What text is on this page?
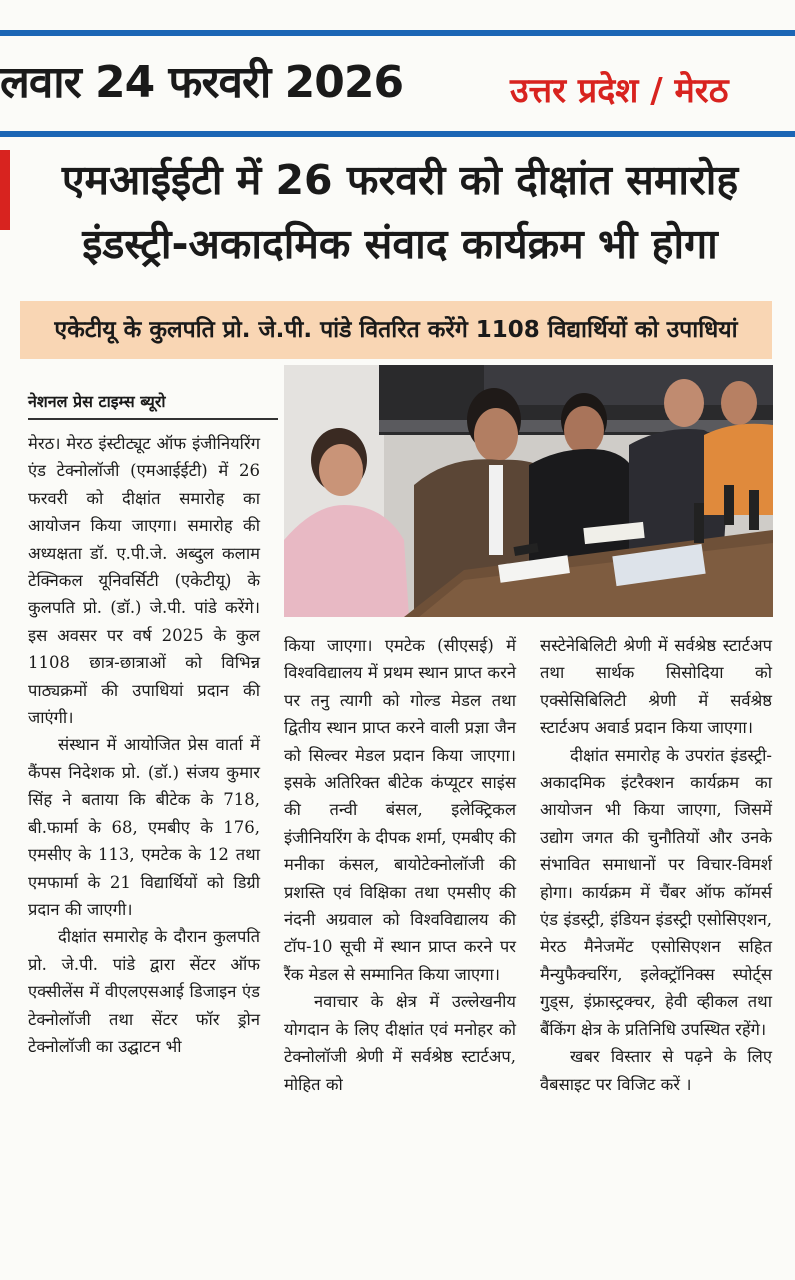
लवार 24 फरवरी 2026	उत्तर प्रदेश / मेरठ
एमआईईटी में 26 फरवरी को दीक्षांत समारोह
इंडस्ट्री-अकादमिक संवाद कार्यक्रम भी होगा
एकेटीयू के कुलपति प्रो. जे.पी. पांडे वितरित करेंगे 1108 विद्यार्थियों को उपाधियां
नेशनल प्रेस टाइम्स ब्यूरो

मेरठ। मेरठ इंस्टीट्यूट ऑफ इंजीनियरिंग एंड टेक्नोलॉजी (एमआईईटी) में 26 फरवरी को दीक्षांत समारोह का आयोजन किया जाएगा। समारोह की अध्यक्षता डॉ. ए.पी.जे. अब्दुल कलाम टेक्निकल यूनिवर्सिटी (एकेटीयू) के कुलपति प्रो. (डॉ.) जे.पी. पांडे करेंगे। इस अवसर पर वर्ष 2025 के कुल 1108 छात्र-छात्राओं को विभिन्न पाठ्यक्रमों की उपाधियां प्रदान की जाएंगी।

संस्थान में आयोजित प्रेस वार्ता में कैंपस निदेशक प्रो. (डॉ.) संजय कुमार सिंह ने बताया कि बीटेक के 718, बी.फार्मा के 68, एमबीए के 176, एमसीए के 113, एमटेक के 12 तथा एमफार्मा के 21 विद्यार्थियों को डिग्री प्रदान की जाएगी।

दीक्षांत समारोह के दौरान कुलपति प्रो. जे.पी. पांडे द्वारा सेंटर ऑफ एक्सीलेंस में वीएलएसआई डिजाइन एंड टेक्नोलॉजी तथा सेंटर फॉर ड्रोन टेक्नोलॉजी का उद्घाटन भी

किया जाएगा। एमटेक (सीएसई) में विश्वविद्यालय में प्रथम स्थान प्राप्त करने पर तनु त्यागी को गोल्ड मेडल तथा द्वितीय स्थान प्राप्त करने वाली प्रज्ञा जैन को सिल्वर मेडल प्रदान किया जाएगा। इसके अतिरिक्त बीटेक कंप्यूटर साइंस की तन्वी बंसल, इलेक्ट्रिकल इंजीनियरिंग के दीपक शर्मा, एमबीए की मनीका कंसल, बायोटेक्नोलॉजी की प्रशस्ति एवं विक्षिका तथा एमसीए की नंदनी अग्रवाल को विश्वविद्यालय की टॉप-10 सूची में स्थान प्राप्त करने पर रैंक मेडल से सम्मानित किया जाएगा।

नवाचार के क्षेत्र में उल्लेखनीय योगदान के लिए दीक्षांत एवं मनोहर को टेक्नोलॉजी श्रेणी में सर्वश्रेष्ठ स्टार्टअप, मोहित को

सस्टेनेबिलिटी श्रेणी में सर्वश्रेष्ठ स्टार्टअप तथा सार्थक सिसोदिया को एक्सेसिबिलिटी श्रेणी में सर्वश्रेष्ठ स्टार्टअप अवार्ड प्रदान किया जाएगा।

दीक्षांत समारोह के उपरांत इंडस्ट्री-अकादमिक इंटरैक्शन कार्यक्रम का आयोजन भी किया जाएगा, जिसमें उद्योग जगत की चुनौतियों और उनके संभावित समाधानों पर विचार-विमर्श होगा। कार्यक्रम में चैंबर ऑफ कॉमर्स एंड इंडस्ट्री, इंडियन इंडस्ट्री एसोसिएशन, मेरठ मैनेजमेंट एसोसिएशन सहित मैन्युफैक्चरिंग, इलेक्ट्रॉनिक्स स्पोर्ट्स गुड्स, इंफ्रास्ट्रक्चर, हेवी व्हीकल तथा बैंकिंग क्षेत्र के प्रतिनिधि उपस्थित रहेंगे।

खबर विस्तार से पढ़ने के लिए वैबसाइट पर विजिट करें ।
